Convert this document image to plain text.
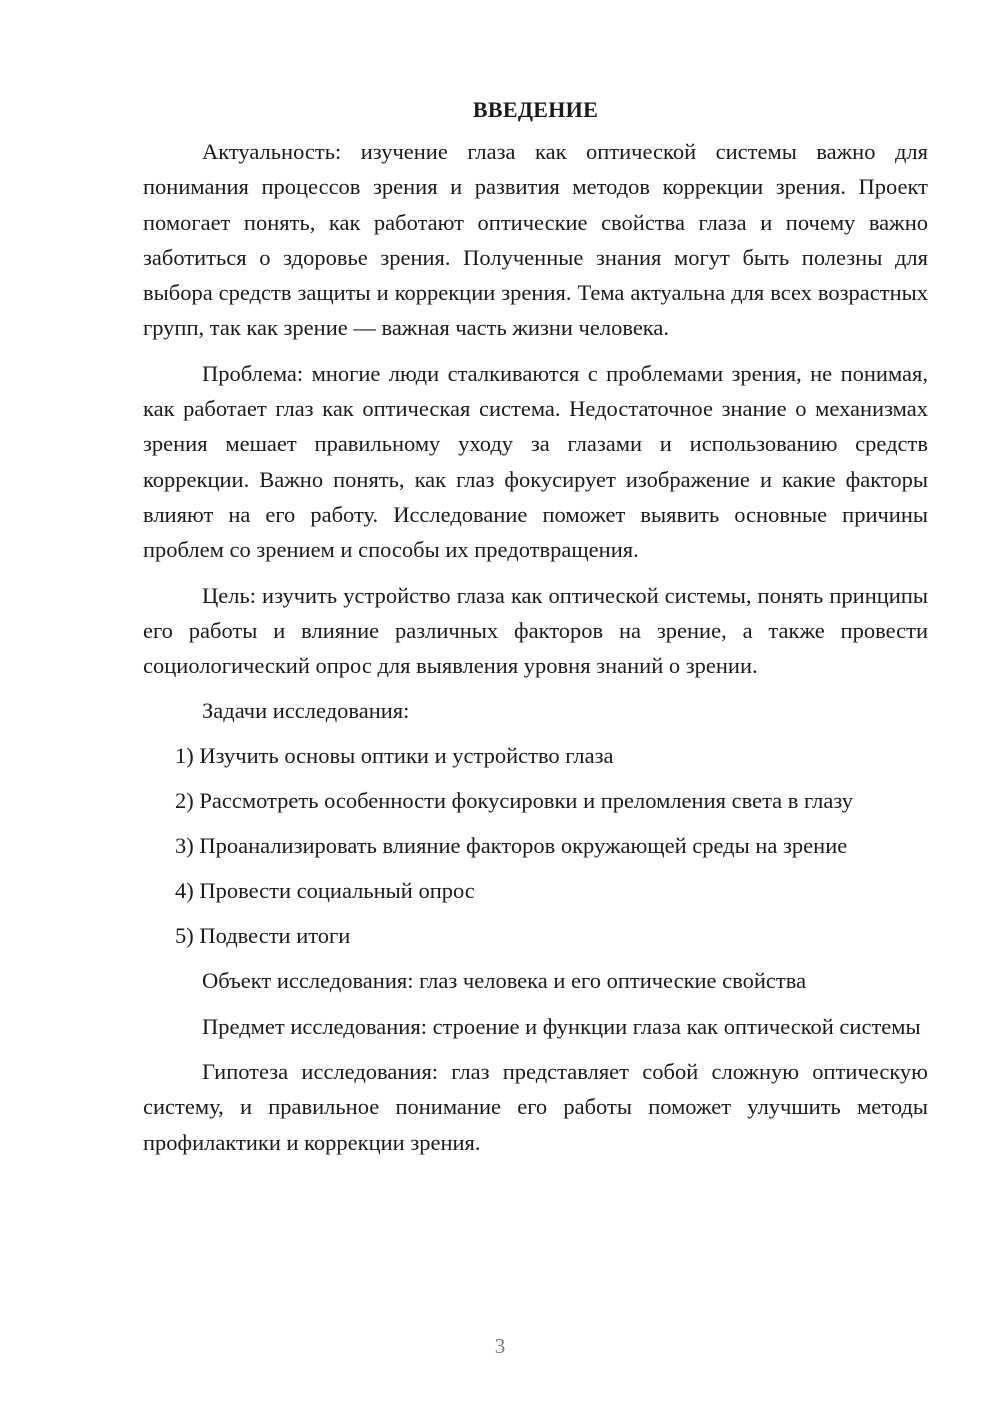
ВВЕДЕНИЕ

Актуальность: изучение глаза как оптической системы важно для понимания процессов зрения и развития методов коррекции зрения. Проект помогает понять, как работают оптические свойства глаза и почему важно заботиться о здоровье зрения. Полученные знания могут быть полезны для выбора средств защиты и коррекции зрения. Тема актуальна для всех возрастных групп, так как зрение — важная часть жизни человека.

Проблема: многие люди сталкиваются с проблемами зрения, не понимая, как работает глаз как оптическая система. Недостаточное знание о механизмах зрения мешает правильному уходу за глазами и использованию средств коррекции. Важно понять, как глаз фокусирует изображение и какие факторы влияют на его работу. Исследование поможет выявить основные причины проблем со зрением и способы их предотвращения.

Цель: изучить устройство глаза как оптической системы, понять принципы его работы и влияние различных факторов на зрение, а также провести социологический опрос для выявления уровня знаний о зрении.

Задачи исследования:

1) Изучить основы оптики и устройство глаза
2) Рассмотреть особенности фокусировки и преломления света в глазу
3) Проанализировать влияние факторов окружающей среды на зрение
4) Провести социальный опрос
5) Подвести итоги

Объект исследования: глаз человека и его оптические свойства

Предмет исследования: строение и функции глаза как оптической системы

Гипотеза исследования: глаз представляет собой сложную оптическую систему, и правильное понимание его работы поможет улучшить методы профилактики и коррекции зрения.

3
